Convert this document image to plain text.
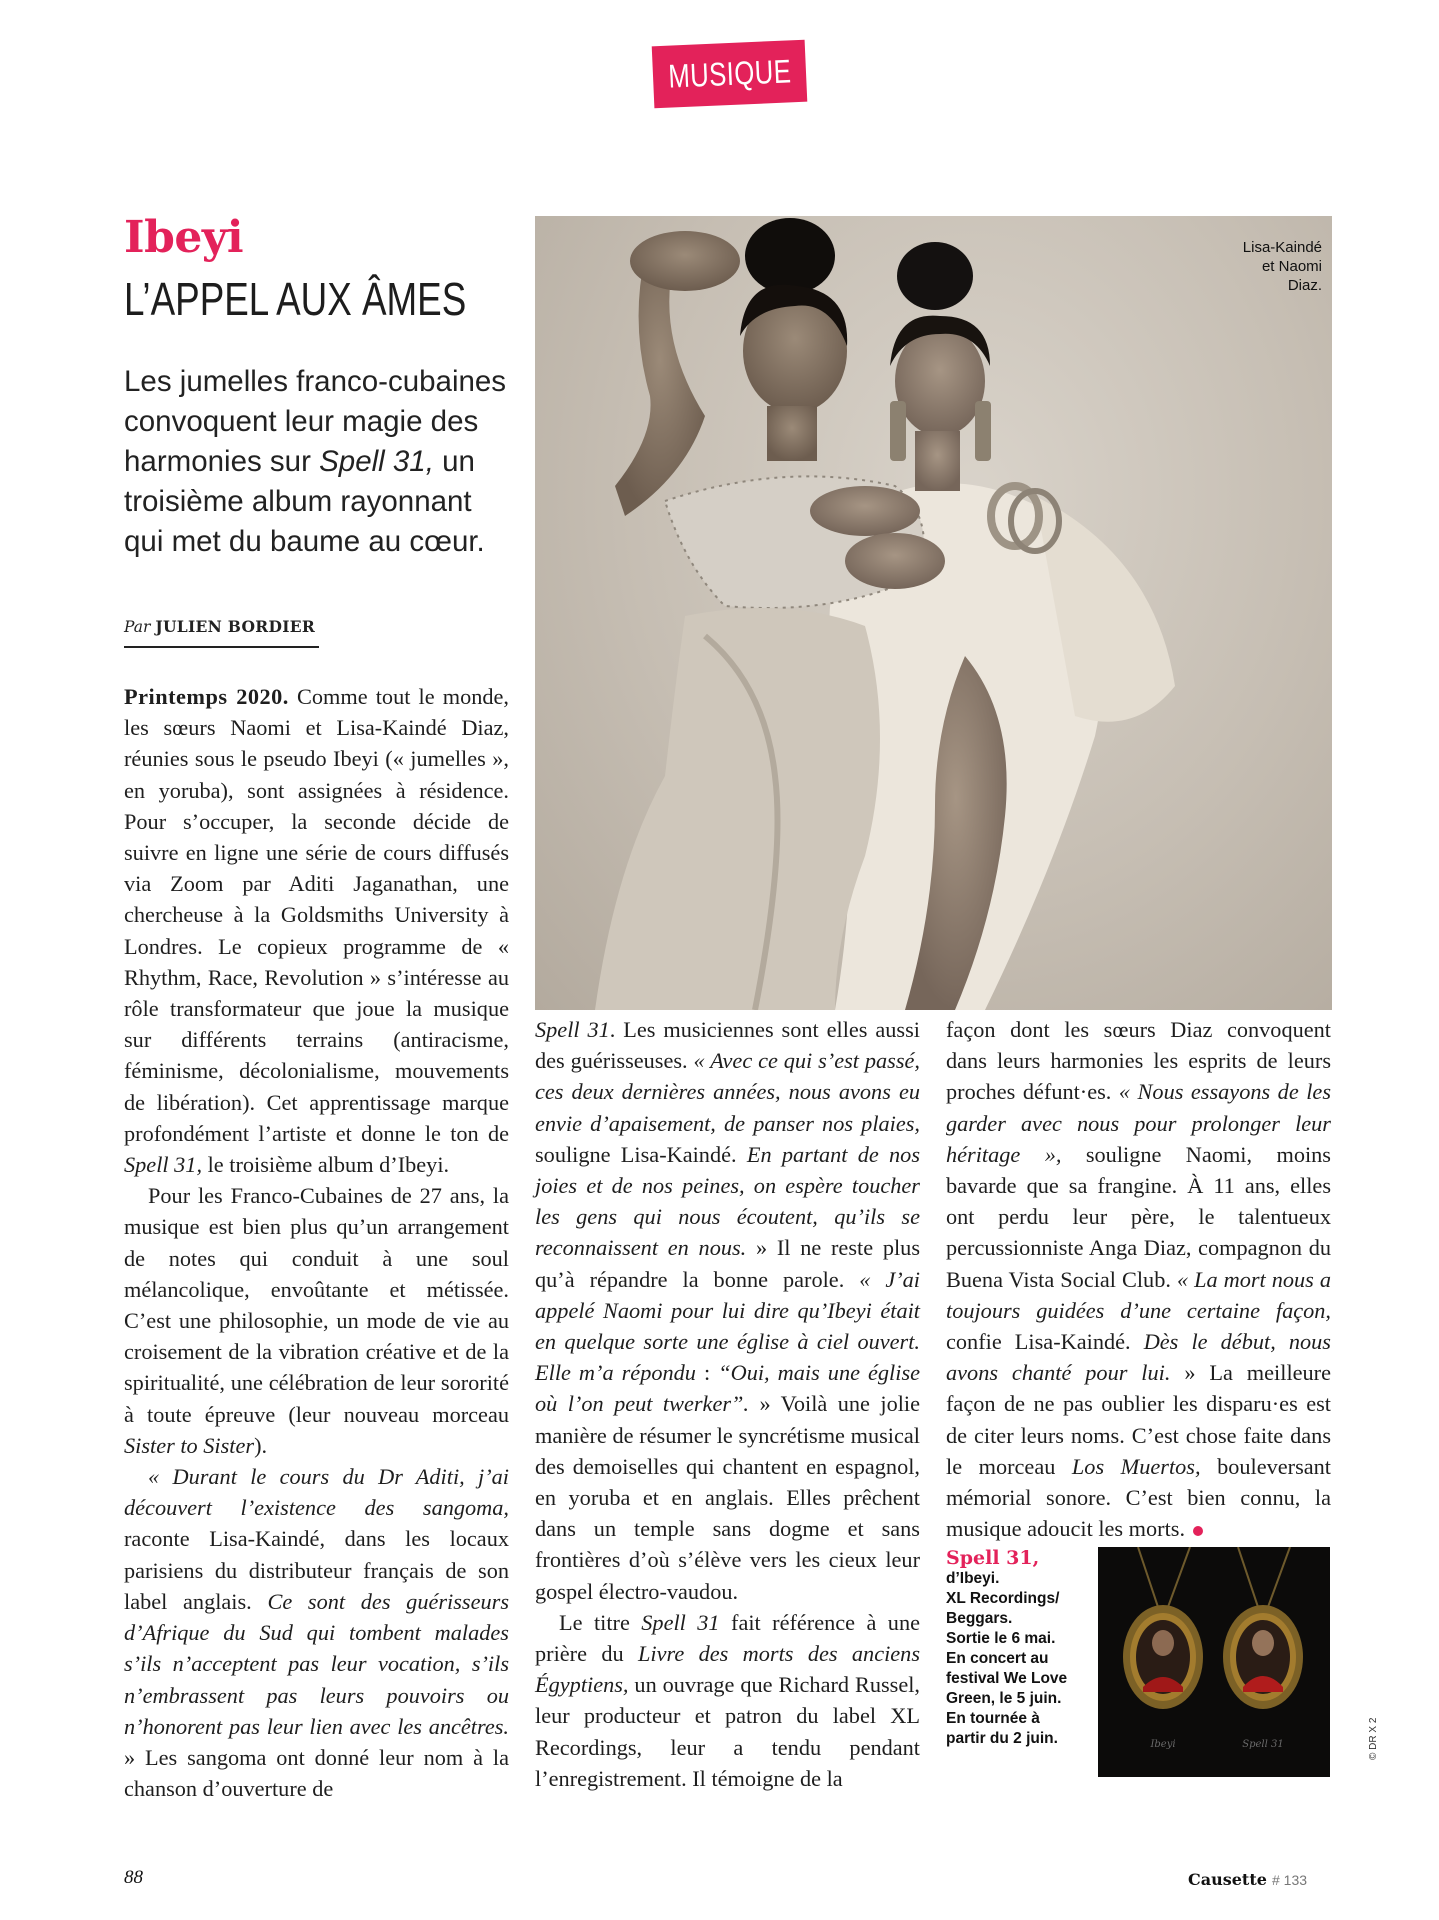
MUSIQUE
Ibeyi
L’APPEL AUX ÂMES
Les jumelles franco-cubaines convoquent leur magie des harmonies sur Spell 31, un troisième album rayonnant qui met du baume au cœur.
Par JULIEN BORDIER
Lisa-Kaindé
et Naomi Diaz.

Printemps 2020. Comme tout le monde, les sœurs Naomi et Lisa-Kaindé Diaz, réunies sous le pseudo Ibeyi (« jumelles », en yoruba), sont assignées à résidence. Pour s’occuper, la seconde décide de suivre en ligne une série de cours diffusés via Zoom par Aditi Jaganathan, une chercheuse à la Goldsmiths University à Londres. Le copieux programme de « Rhythm, Race, Revolution » s’intéresse au rôle transformateur que joue la musique sur différents terrains (antiracisme, féminisme, décolonialisme, mouvements de libération). Cet apprentissage marque profondément l’artiste et donne le ton de Spell 31, le troisième album d’Ibeyi.

Pour les Franco-Cubaines de 27 ans, la musique est bien plus qu’un arrangement de notes qui conduit à une soul mélancolique, envoûtante et métissée. C’est une philosophie, un mode de vie au croisement de la vibration créative et de la spiritualité, une célébration de leur sororité à toute épreuve (leur nouveau morceau Sister to Sister).

« Durant le cours du Dr Aditi, j’ai découvert l’existence des sangoma, raconte Lisa-Kaindé, dans les locaux parisiens du distributeur français de son label anglais. Ce sont des guérisseurs d’Afrique du Sud qui tombent malades s’ils n’acceptent pas leur vocation, s’ils n’embrassent pas leurs pouvoirs ou n’honorent pas leur lien avec les ancêtres. » Les sangoma ont donné leur nom à la chanson d’ouverture de

Spell 31. Les musiciennes sont elles aussi des guérisseuses. « Avec ce qui s’est passé, ces deux dernières années, nous avons eu envie d’apaisement, de panser nos plaies, souligne Lisa-Kaindé. En partant de nos joies et de nos peines, on espère toucher les gens qui nous écoutent, qu’ils se reconnaissent en nous. » Il ne reste plus qu’à répandre la bonne parole. « J’ai appelé Naomi pour lui dire qu’Ibeyi était en quelque sorte une église à ciel ouvert. Elle m’a répondu : “Oui, mais une église où l’on peut twerker”. » Voilà une jolie manière de résumer le syncrétisme musical des demoiselles qui chantent en espagnol, en yoruba et en anglais. Elles prêchent dans un temple sans dogme et sans frontières d’où s’élève vers les cieux leur gospel électro-vaudou.

Le titre Spell 31 fait référence à une prière du Livre des morts des anciens Égyptiens, un ouvrage que Richard Russel, leur producteur et patron du label XL Recordings, leur a tendu pendant l’enregistrement. Il témoigne de la

façon dont les sœurs Diaz convoquent dans leurs harmonies les esprits de leurs proches défunt·es. « Nous essayons de les garder avec nous pour prolonger leur héritage », souligne Naomi, moins bavarde que sa frangine. À 11 ans, elles ont perdu leur père, le talentueux percussionniste Anga Diaz, compagnon du Buena Vista Social Club. « La mort nous a toujours guidées d’une certaine façon, confie Lisa-Kaindé. Dès le début, nous avons chanté pour lui. » La meilleure façon de ne pas oublier les disparu·es est de citer leurs noms. C’est chose faite dans le morceau Los Muertos, bouleversant mémorial sonore. C’est bien connu, la musique adoucit les morts.

Spell 31,
d’Ibeyi.
XL Recordings/ Beggars.
Sortie le 6 mai.
En concert au festival We Love Green, le 5 juin.
En tournée à partir du 2 juin.	Ibeyi	Spell 31	© DR X 2
88	Causette # 133
